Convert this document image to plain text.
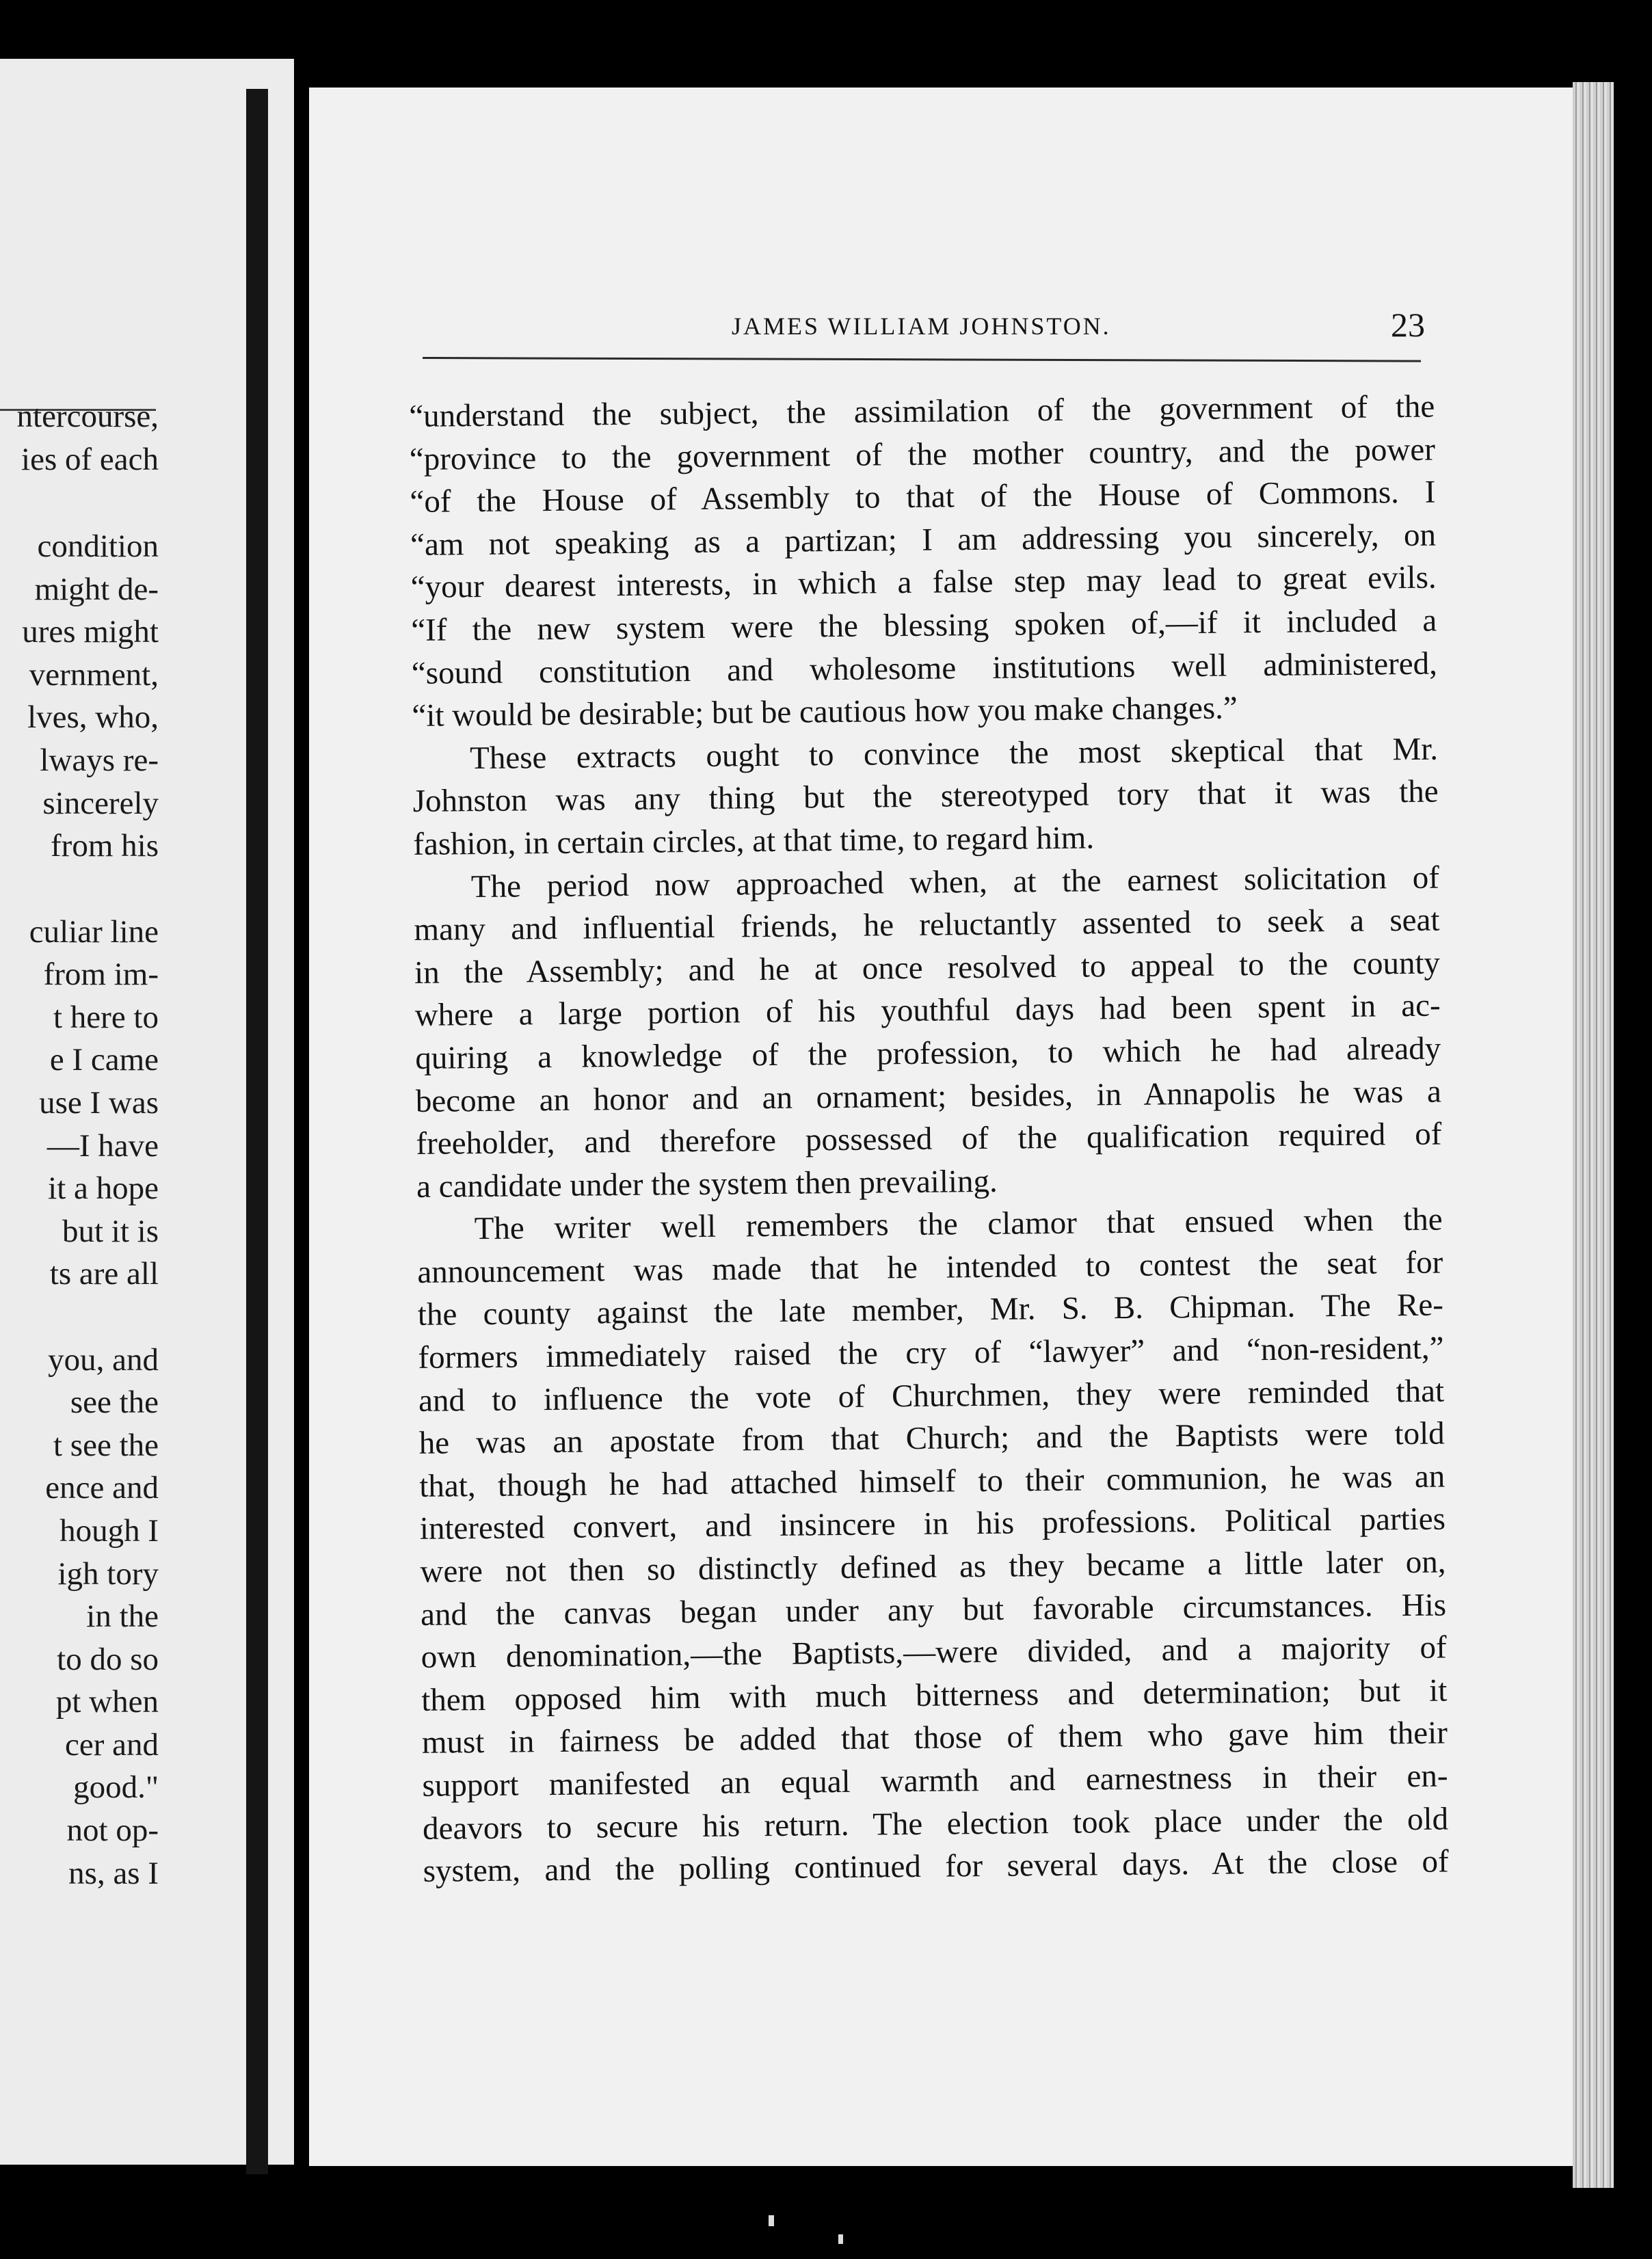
ntercourse,
ies of each
condition
might de-
ures might
vernment,
lves, who,
lways re-
sincerely
from his
culiar line
from im-
t here to
e I came
use I was
—I have
it a hope
but it is
ts are all
you, and
see the
t see the
ence and
hough I
igh tory
in the
to do so
pt when
cer and
good."
not op-
ns, as I
JAMES WILLIAM JOHNSTON.	23
“understand the subject, the assimilation of the government of the
“province to the government of the mother country, and the power
“of the House of Assembly to that of the House of Commons. I
“am not speaking as a partizan; I am addressing you sincerely, on
“your dearest interests, in which a false step may lead to great evils.
“If the new system were the blessing spoken of,—if it included a
“sound constitution and wholesome institutions well administered,
“it would be desirable; but be cautious how you make changes.”
These extracts ought to convince the most skeptical that Mr.
Johnston was any thing but the stereotyped tory that it was the
fashion, in certain circles, at that time, to regard him.
The period now approached when, at the earnest solicitation of
many and influential friends, he reluctantly assented to seek a seat
in the Assembly; and he at once resolved to appeal to the county
where a large portion of his youthful days had been spent in ac-
quiring a knowledge of the profession, to which he had already
become an honor and an ornament; besides, in Annapolis he was a
freeholder, and therefore possessed of the qualification required of
a candidate under the system then prevailing.
The writer well remembers the clamor that ensued when the
announcement was made that he intended to contest the seat for
the county against the late member, Mr. S. B. Chipman. The Re-
formers immediately raised the cry of “lawyer” and “non-resident,”
and to influence the vote of Churchmen, they were reminded that
he was an apostate from that Church; and the Baptists were told
that, though he had attached himself to their communion, he was an
interested convert, and insincere in his professions. Political parties
were not then so distinctly defined as they became a little later on,
and the canvas began under any but favorable circumstances. His
own denomination,—the Baptists,—were divided, and a majority of
them opposed him with much bitterness and determination; but it
must in fairness be added that those of them who gave him their
support manifested an equal warmth and earnestness in their en-
deavors to secure his return. The election took place under the old
system, and the polling continued for several days. At the close of
